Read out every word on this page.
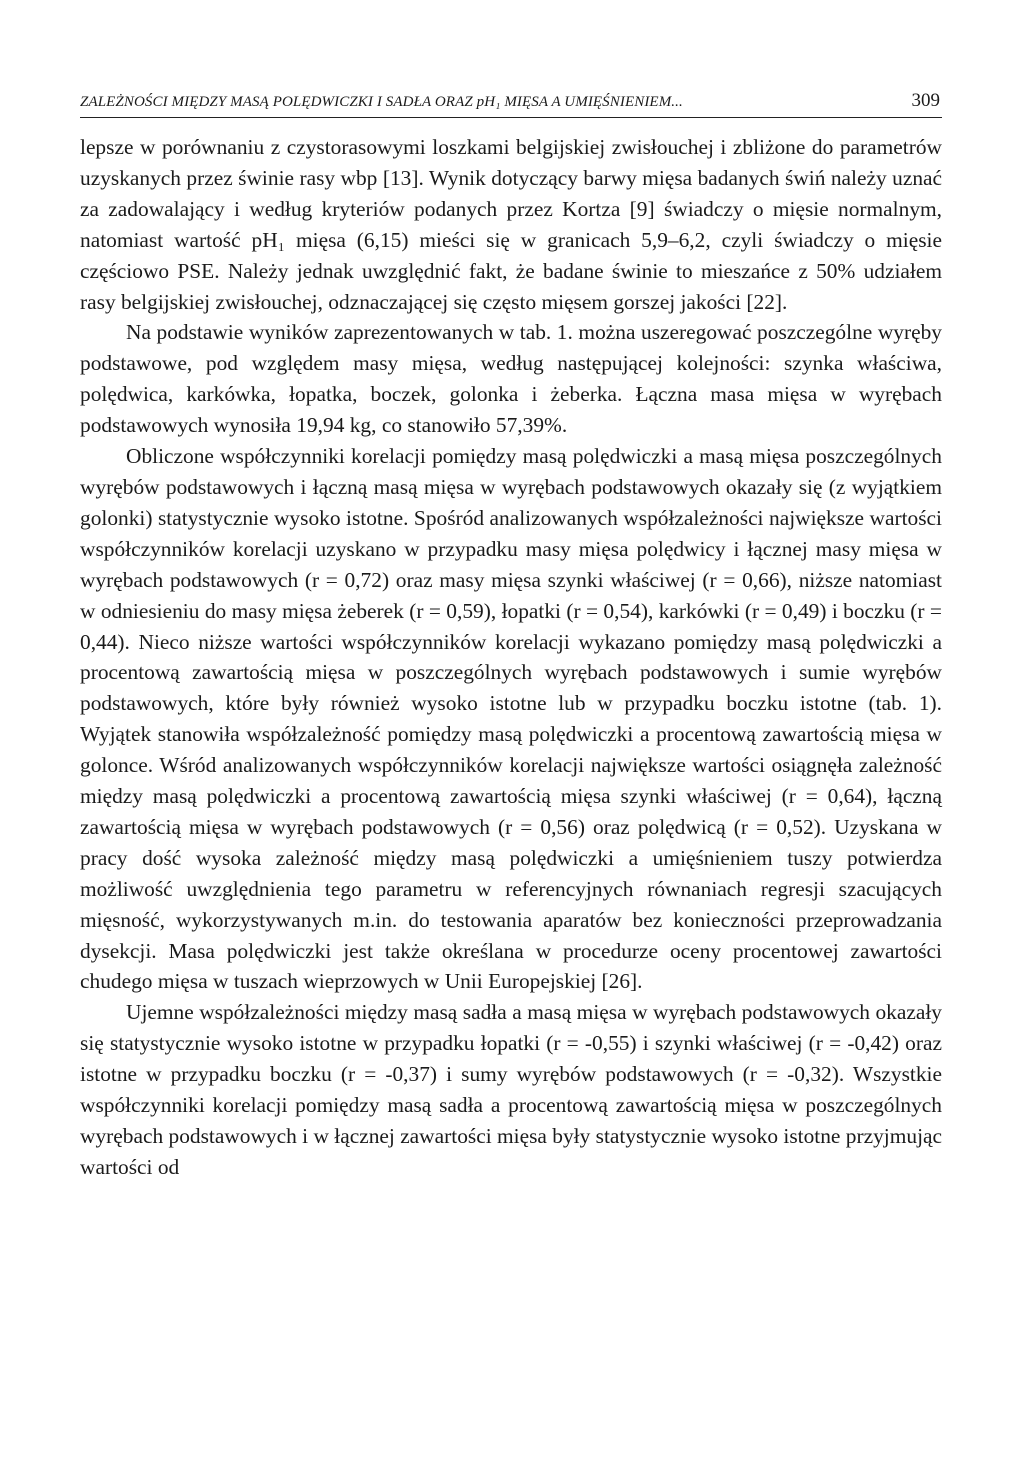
ZALEŻNOŚCI MIĘDZY MASĄ POLĘDWICZKI I SADŁA ORAZ pH₁ MIĘSA A UMIĘŚNIENIEM...	309

lepsze w porównaniu z czystorasowymi loszkami belgijskiej zwisłouchej i zbliżone do parametrów uzyskanych przez świnie rasy wbp [13]. Wynik dotyczący barwy mięsa badanych świń należy uznać za zadowalający i według kryteriów podanych przez Kortza [9] świadczy o mięsie normalnym, natomiast wartość pH₁ mięsa (6,15) mieści się w granicach 5,9–6,2, czyli świadczy o mięsie częściowo PSE. Należy jednak uwzględnić fakt, że badane świnie to mieszańce z 50% udziałem rasy belgijskiej zwisłouchej, odznaczającej się często mięsem gorszej jakości [22].

Na podstawie wyników zaprezentowanych w tab. 1. można uszeregować poszczególne wyręby podstawowe, pod względem masy mięsa, według następującej kolejności: szynka właściwa, polędwica, karkówka, łopatka, boczek, golonka i żeberka. Łączna masa mięsa w wyrębach podstawowych wynosiła 19,94 kg, co stanowiło 57,39%.

Obliczone współczynniki korelacji pomiędzy masą polędwiczki a masą mięsa poszczególnych wyrębów podstawowych i łączną masą mięsa w wyrębach podstawowych okazały się (z wyjątkiem golonki) statystycznie wysoko istotne. Spośród analizowanych współzależności największe wartości współczynników korelacji uzyskano w przypadku masy mięsa polędwicy i łącznej masy mięsa w wyrębach podstawowych (r = 0,72) oraz masy mięsa szynki właściwej (r = 0,66), niższe natomiast w odniesieniu do masy mięsa żeberek (r = 0,59), łopatki (r = 0,54), karkówki (r = 0,49) i boczku (r = 0,44). Nieco niższe wartości współczynników korelacji wykazano pomiędzy masą polędwiczki a procentową zawartością mięsa w poszczególnych wyrębach podstawowych i sumie wyrębów podstawowych, które były również wysoko istotne lub w przypadku boczku istotne (tab. 1). Wyjątek stanowiła współzależność pomiędzy masą polędwiczki a procentową zawartością mięsa w golonce. Wśród analizowanych współczynników korelacji największe wartości osiągnęła zależność między masą polędwiczki a procentową zawartością mięsa szynki właściwej (r = 0,64), łączną zawartością mięsa w wyrębach podstawowych (r = 0,56) oraz polędwicą (r = 0,52). Uzyskana w pracy dość wysoka zależność między masą polędwiczki a umięśnieniem tuszy potwierdza możliwość uwzględnienia tego parametru w referencyjnych równaniach regresji szacujących mięsność, wykorzystywanych m.in. do testowania aparatów bez konieczności przeprowadzania dysekcji. Masa polędwiczki jest także określana w procedurze oceny procentowej zawartości chudego mięsa w tuszach wieprzowych w Unii Europejskiej [26].

Ujemne współzależności między masą sadła a masą mięsa w wyrębach podstawowych okazały się statystycznie wysoko istotne w przypadku łopatki (r = -0,55) i szynki właściwej (r = -0,42) oraz istotne w przypadku boczku (r = -0,37) i sumy wyrębów podstawowych (r = -0,32). Wszystkie współczynniki korelacji pomiędzy masą sadła a procentową zawartością mięsa w poszczególnych wyrębach podstawowych i w łącznej zawartości mięsa były statystycznie wysoko istotne przyjmując wartości od
